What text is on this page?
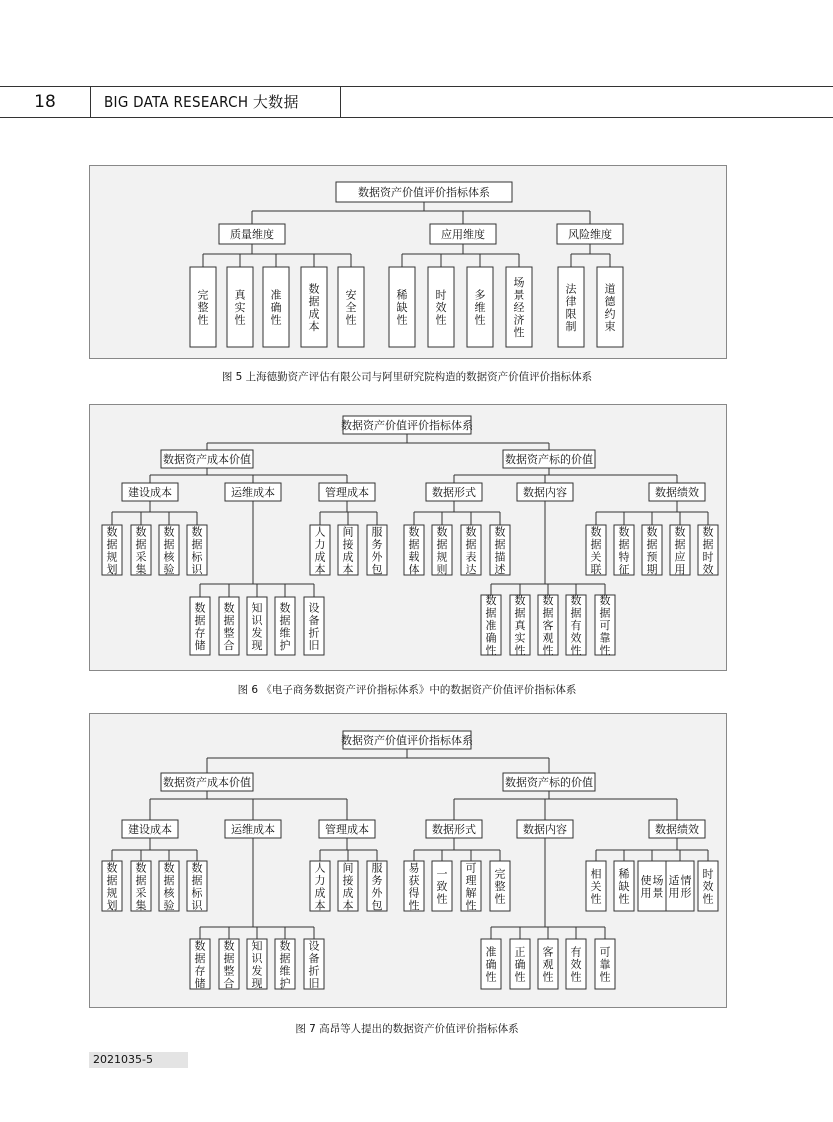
18	BIG DATA RESEARCH 大数据
数据资产价值评价指标体系
质量维度
完整性
真实性
准确性
数据成本
安全性
应用维度
稀缺性
时效性
多维性
场景经济性
风险维度
法律限制
道德约束
图 5 上海德勤资产评估有限公司与阿里研究院构造的数据资产价值评价指标体系
数据资产价值评价指标体系
数据资产成本价值
建设成本
数据规划
数据采集
数据核验
数据标识
运维成本
数据存储
数据整合
知识发现
数据维护
设备折旧
管理成本
人力成本
间接成本
服务外包
数据资产标的价值
数据形式
数据载体
数据规则
数据表达
数据描述
数据内容
数据准确性
数据真实性
数据客观性
数据有效性
数据可靠性
数据绩效
数据关联
数据特征
数据预期
数据应用
数据时效
图 6 《电子商务数据资产评价指标体系》中的数据资产价值评价指标体系
数据资产价值评价指标体系
数据资产成本价值
建设成本
数据规划
数据采集
数据核验
数据标识
运维成本
数据存储
数据整合
知识发现
数据维护
设备折旧
管理成本
人力成本
间接成本
服务外包
数据资产标的价值
数据形式
易获得性
一致性
可理解性
完整性
数据内容
准确性
正确性
客观性
有效性
可靠性
数据绩效
相关性
稀缺性
使用场景
适用情形
时效性
图 7 高昂等人提出的数据资产价值评价指标体系
2021035-5
